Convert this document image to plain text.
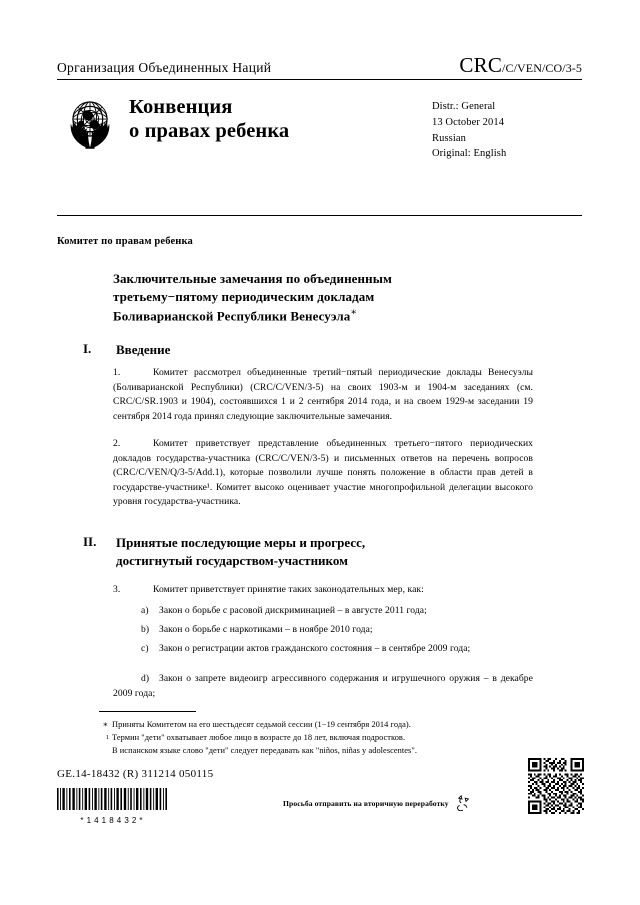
Организация Объединенных Наций	CRC/C/VEN/CO/3-5
Конвенция
о правах ребенка
Distr.: General
13 October 2014
Russian
Original: English
Комитет по правам ребенка
Заключительные замечания по объединенным
третьему−пятому периодическим докладам
Боливарианской Республики Венесуэла∗
I.	Введение
1.	Комитет рассмотрел объединенные третий−пятый периодические доклады Венесуэлы (Боливарианской Республики) (CRC/C/VEN/3-5) на своих 1903-м и 1904-м заседаниях (см. CRC/C/SR.1903 и 1904), состоявшихся 1 и 2 сентября 2014 года, и на своем 1929-м заседании 19 сентября 2014 года принял следующие заключительные замечания.
2.	Комитет приветствует представление объединенных третьего−пятого периодических докладов государства-участника (CRC/C/VEN/3-5) и письменных ответов на перечень вопросов (CRC/C/VEN/Q/3-5/Add.1), которые позволили лучше понять положение в области прав детей в государстве-участнике¹. Комитет высоко оценивает участие многопрофильной делегации высокого уровня государства-участника.
II.	Принятые последующие меры и прогресс,
достигнутый государством-участником
3.	Комитет приветствует принятие таких законодательных мер, как:
a) Закон о борьбе с расовой дискриминацией – в августе 2011 года;
b) Закон о борьбе с наркотиками – в ноябре 2010 года;
c) Закон о регистрации актов гражданского состояния – в сентябре 2009 года;
d) Закон о запрете видеоигр агрессивного содержания и игрушечного оружия – в декабре 2009 года;
∗ Приняты Комитетом на его шестьдесят седьмой сессии (1−19 сентября 2014 года).
1 Термин "дети" охватывает любое лицо в возрасте до 18 лет, включая подростков.
В испанском языке слово "дети" следует передавать как "niños, niñas y adolescentes".
GE.14-18432 (R) 311214 050115
*1418432*
Просьба отправить на вторичную переработку
